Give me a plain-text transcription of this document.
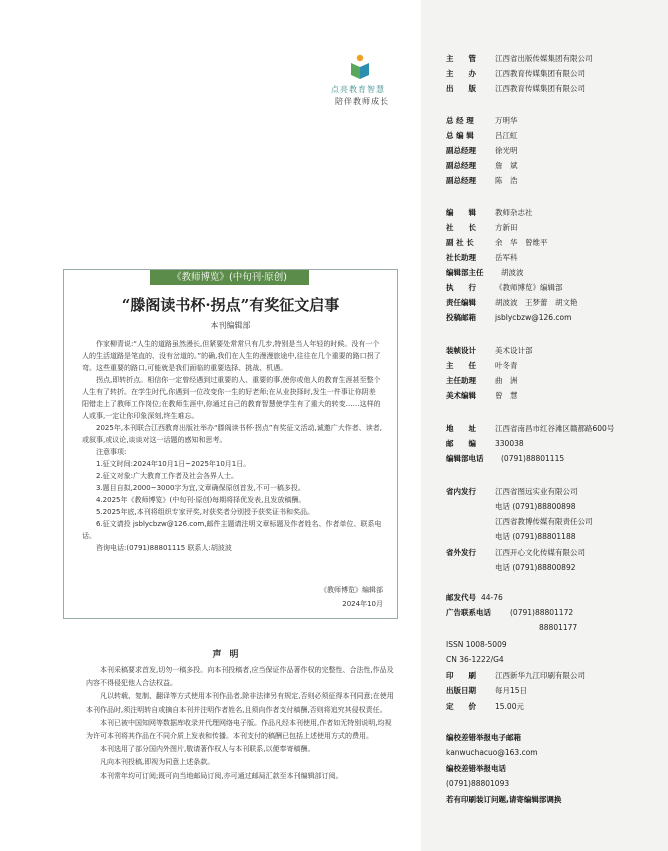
点亮教育智慧
陪伴教师成长
《教师博览》(中旬刊·原创)
“滕阁读书杯·拐点”有奖征文启事
本刊编辑部

作家柳青说:“人生的道路虽然漫长,但紧要处常常只有几步,特别是当人年轻的时候。没有一个人的生活道路是笔直的、没有岔道的。”的确,我们在人生的漫漫旅途中,往往在几个重要的路口拐了弯。这些重要的路口,可能就是我们面临的重要选择、挑战、机遇。

拐点,即转折点。相信你一定曾经遇到过重要的人、重要的事,使你或他人的教育生涯甚至整个人生有了转折。在学生时代,你遇到一位改变你一生的好老师;在从业抉择时,发生一件事让你阴差阳错走上了教师工作岗位;在教师生涯中,你通过自己的教育智慧使学生有了重大的转变……这样的人或事,一定让你印象深刻,终生难忘。

2025年,本刊联合江西教育出版社举办“滕阁读书杯·拐点”有奖征文活动,诚邀广大作者、读者,或叙事,或议论,谈谈对这一话题的感知和思考。

注意事项:

1.征文时间:2024年10月1日~2025年10月1日。

2.征文对象:广大教育工作者及社会各界人士。

3.题目自拟,2000~3000字为宜,文章确保原创首发,不可一稿多投。

4.2025年《教师博览》(中旬刊·原创)每期将择优发表,且发放稿酬。

5.2025年底,本刊将组织专家评奖,对获奖者分别授予获奖证书和奖品。

6.征文请投 jsblycbzw@126.com,邮件主题请注明文章标题及作者姓名、作者单位、联系电话。

咨询电话:(0791)88801115 联系人:胡波波

《教师博览》编辑部
2024年10月
声明

本刊采稿要求首发,切勿一稿多投。向本刊投稿者,应当保证作品著作权的完整性、合法性,作品及内容不得侵犯他人合法权益。

凡以转载、复制、翻译等方式使用本刊作品者,除非法律另有规定,否则必须征得本刊同意;在使用本刊作品时,须注明转自或摘自本刊并注明作者姓名,且须向作者支付稿酬,否则将追究其侵权责任。

本刊已被中国知网等数据库收录并代理网络电子版。作品凡经本刊使用,作者如无特别说明,均视为许可本刊将其作品在不同介质上发表和传播。本刊支付的稿酬已包括上述使用方式的费用。

本刊选用了部分国内外图片,敬请著作权人与本刊联系,以便奉寄稿酬。

凡向本刊投稿,即视为同意上述条款。

本刊常年均可订阅;既可向当地邮局订阅,亦可通过邮局汇款至本刊编辑部订阅。

主　　管	江西省出版传媒集团有限公司
主　　办	江西教育传媒集团有限公司
出　　版	江西教育传媒集团有限公司
总 经 理	万明华
总 编 辑	吕江虹
副总经理	徐光明
副总经理	詹　斌
副总经理	陈　浩
编　　辑	教师杂志社
社　　长	方新田
副 社 长	余　华　曾维平
社长助理	岳军科
编辑部主任 胡波波
执　　行	《教师博览》编辑部
责任编辑	胡波波　王梦蕾　胡文艳
投稿邮箱	jsblycbzw@126.com
装帧设计	美术设计部
主　　任	叶冬青
主任助理	曲　洲
美术编辑	曾　慧
地　　址	江西省南昌市红谷滩区赣都路600号
邮　　编	330038
编辑部电话 (0791)88801115
省内发行	江西省图远实业有限公司
电话 (0791)88800898
江西省教博传媒有限责任公司
电话 (0791)88801188
省外发行	江西开心文化传媒有限公司
电话 (0791)88800892
邮发代号 44-76
广告联系电话	(0791)88801172
88801177
ISSN 1008-5009
CN 36-1222/G4
印　　刷	江西新华九江印刷有限公司
出版日期	每月15日
定　　价	15.00元
编校差错举报电子邮箱
kanwuchacuo@163.com
编校差错举报电话
(0791)88801093
若有印刷装订问题,请寄编辑部调换
